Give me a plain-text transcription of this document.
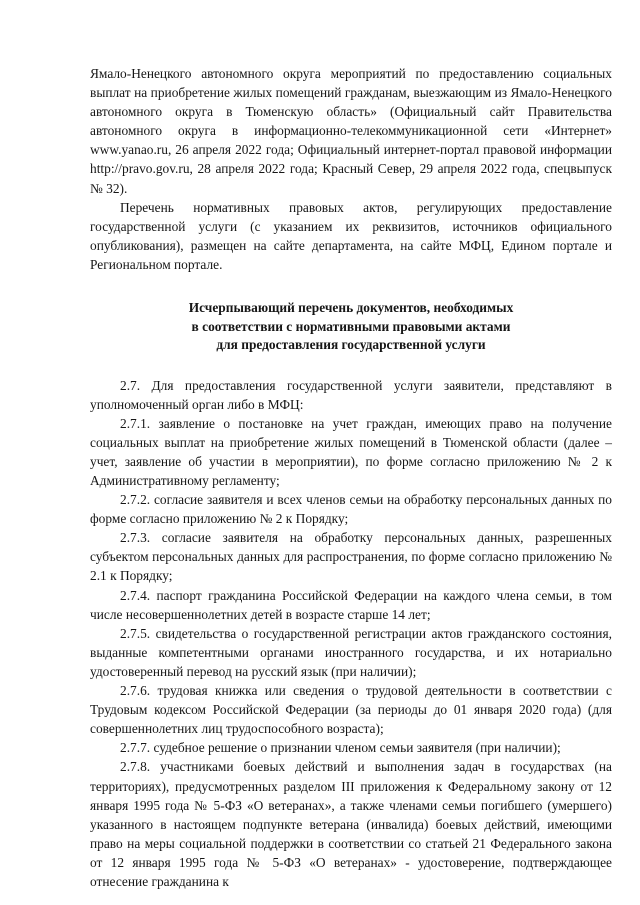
Ямало-Ненецкого автономного округа мероприятий по предоставлению социальных выплат на приобретение жилых помещений гражданам, выезжающим из Ямало-Ненецкого автономного округа в Тюменскую область» (Официальный сайт Правительства автономного округа в информационно-телекоммуникационной сети «Интернет» www.yanao.ru, 26 апреля 2022 года; Официальный интернет-портал правовой информации http://pravo.gov.ru, 28 апреля 2022 года; Красный Север, 29 апреля 2022 года, спецвыпуск № 32).

Перечень нормативных правовых актов, регулирующих предоставление государственной услуги (с указанием их реквизитов, источников официального опубликования), размещен на сайте департамента, на сайте МФЦ, Едином портале и Региональном портале.

Исчерпывающий перечень документов, необходимых
в соответствии с нормативными правовыми актами
для предоставления государственной услуги

2.7. Для предоставления государственной услуги заявители, представляют в уполномоченный орган либо в МФЦ:

2.7.1. заявление о постановке на учет граждан, имеющих право на получение социальных выплат на приобретение жилых помещений в Тюменской области (далее – учет, заявление об участии в мероприятии), по форме согласно приложению № 2 к Административному регламенту;

2.7.2. согласие заявителя и всех членов семьи на обработку персональных данных по форме согласно приложению № 2 к Порядку;

2.7.3. согласие заявителя на обработку персональных данных, разрешенных субъектом персональных данных для распространения, по форме согласно приложению № 2.1 к Порядку;

2.7.4. паспорт гражданина Российской Федерации на каждого члена семьи, в том числе несовершеннолетних детей в возрасте старше 14 лет;

2.7.5. свидетельства о государственной регистрации актов гражданского состояния, выданные компетентными органами иностранного государства, и их нотариально удостоверенный перевод на русский язык (при наличии);

2.7.6. трудовая книжка или сведения о трудовой деятельности в соответствии с Трудовым кодексом Российской Федерации (за периоды до 01 января 2020 года) (для совершеннолетних лиц трудоспособного возраста);

2.7.7. судебное решение о признании членом семьи заявителя (при наличии);

2.7.8. участниками боевых действий и выполнения задач в государствах (на территориях), предусмотренных разделом III приложения к Федеральному закону от 12 января 1995 года № 5-ФЗ «О ветеранах», а также членами семьи погибшего (умершего) указанного в настоящем подпункте ветерана (инвалида) боевых действий, имеющими право на меры социальной поддержки в соответствии со статьей 21 Федерального закона от 12 января 1995 года № 5-ФЗ «О ветеранах» - удостоверение, подтверждающее отнесение гражданина к
